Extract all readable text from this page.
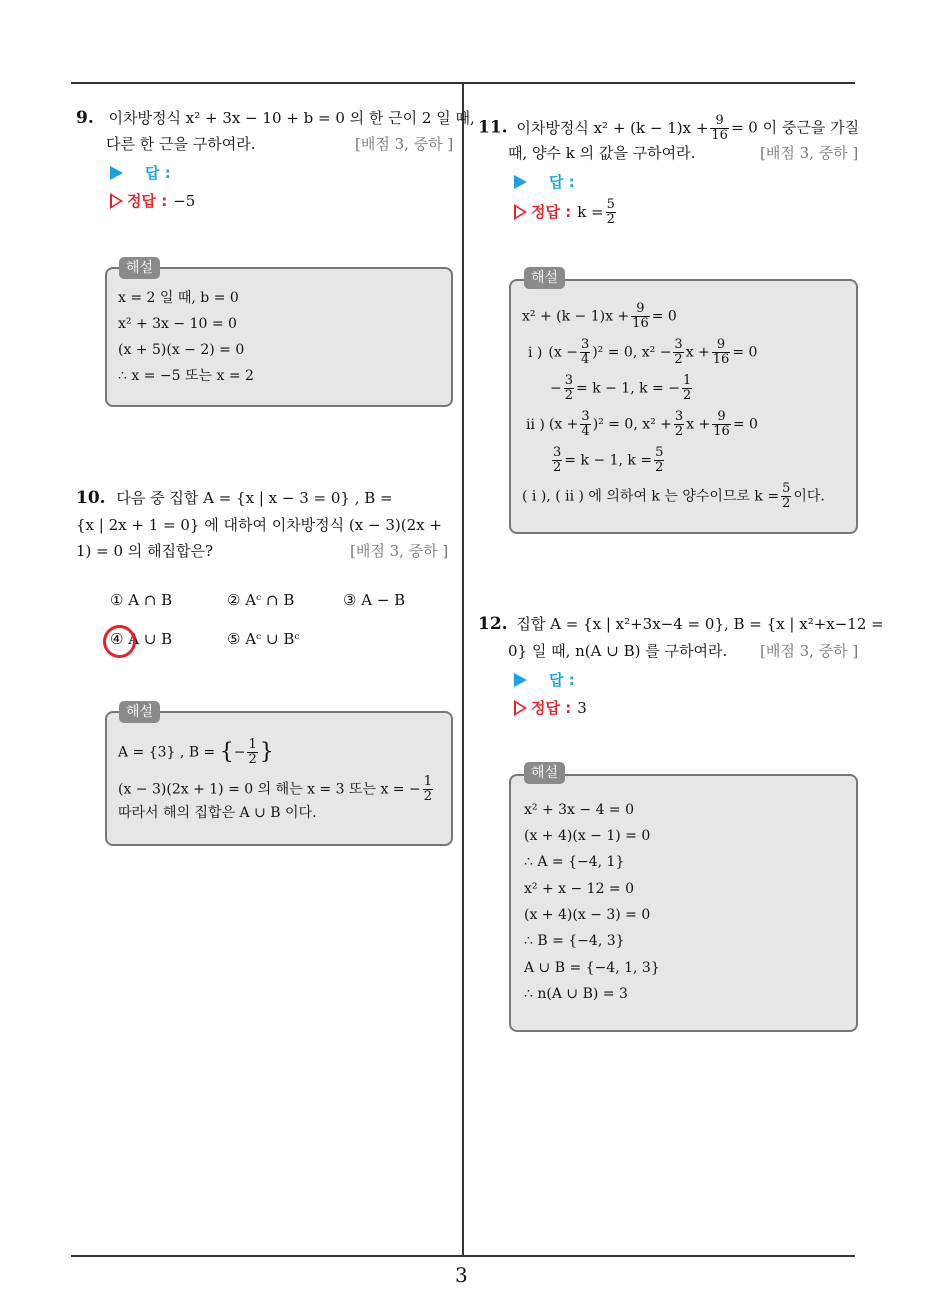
9. 이차방정식 x² + 3x − 10 + b = 0 의 한 근이 2 일 때,
다른 한 근을 구하여라.	[배점 3, 중하 ]
답 :
정답 : −5
해설
x = 2 일 때, b = 0
x² + 3x − 10 = 0
(x + 5)(x − 2) = 0
∴ x = −5 또는 x = 2
10. 다음 중 집합 A = {x | x − 3 = 0} , B =
{x | 2x + 1 = 0} 에 대하여 이차방정식 (x − 3)(2x +
1) = 0 의 해집합은?	[배점 3, 중하 ]
① A ∩ B	② Aᶜ ∩ B	③ A − B
④ A ∪ B	⑤ Aᶜ ∪ Bᶜ
해설
A = {3} , B = {− $\frac{1}{2}$ }
(x − 3)(2x + 1) = 0 의 해는 x = 3 또는 x = − $\frac{1}{2}$
따라서 해의 집합은 A ∪ B 이다.
11. 이차방정식 $x^2 + (k - 1)x + \frac{9}{16} = 0$ 이 중근을 가질
때, 양수 k 의 값을 구하여라.	[배점 3, 중하 ]
답 :
정답 : $k = \frac{5}{2}$
해설
$x^2 + (k - 1)x + \frac{9}{16} = 0$
i ) $(x - \frac{3}{4} )^2 = 0$, $x^2 - \frac{3}{2}$ $x + \frac{9}{16} = 0$
− $\frac{3}{2} = k - 1$, k = − $\frac{1}{2}$
ii ) $(x + \frac{3}{4} )^2 = 0$, $x^2 + \frac{3}{2}$ $x + \frac{9}{16} = 0$
$\frac{3}{2} = k - 1$, $k = \frac{5}{2}$
( i ), ( ii ) 에 의하여 k 는 양수이므로 $k = \frac{5}{2}$ 이다.
12. 집합 A = {x | x²+3x−4 = 0}, B = {x | x²+x−12 =
0} 일 때, n(A ∪ B) 를 구하여라. [배점 3, 중하 ]
답 :
정답 : 3
해설
x² + 3x − 4 = 0
(x + 4)(x − 1) = 0
∴ A = {−4, 1}
x² + x − 12 = 0
(x + 4)(x − 3) = 0
∴ B = {−4, 3}
A ∪ B = {−4, 1, 3}
∴ n(A ∪ B) = 3
3
